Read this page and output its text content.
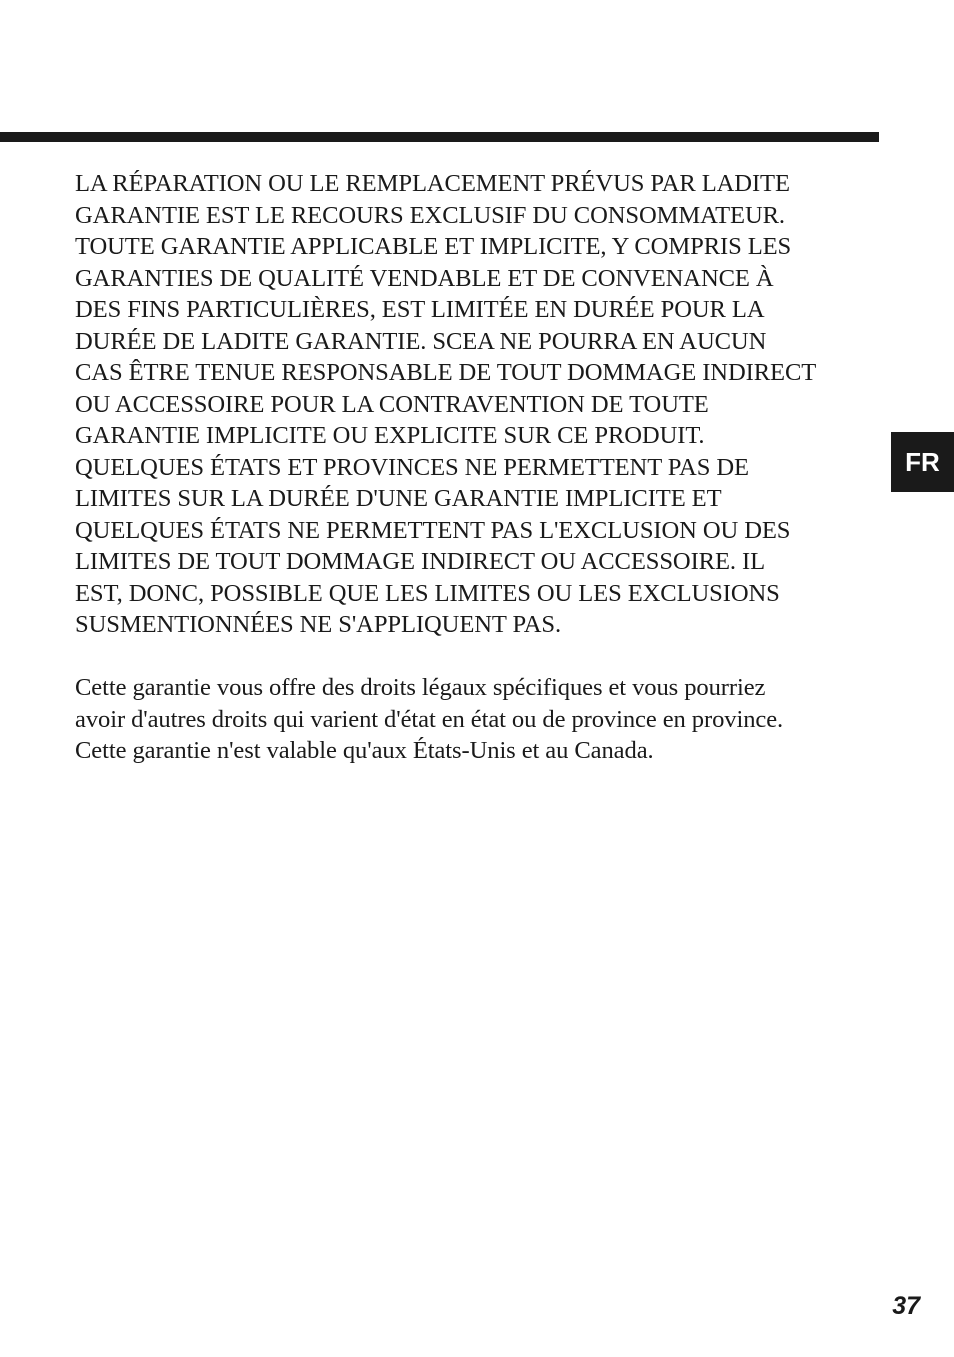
LA RÉPARATION OU LE REMPLACEMENT PRÉVUS PAR LADITE
GARANTIE EST LE RECOURS EXCLUSIF DU CONSOMMATEUR.
TOUTE GARANTIE APPLICABLE ET IMPLICITE, Y COMPRIS LES
GARANTIES DE QUALITÉ VENDABLE ET DE CONVENANCE À
DES FINS PARTICULIÈRES, EST LIMITÉE EN DURÉE POUR LA
DURÉE DE LADITE GARANTIE. SCEA NE POURRA EN AUCUN
CAS ÊTRE TENUE RESPONSABLE DE TOUT DOMMAGE INDIRECT
OU ACCESSOIRE POUR LA CONTRAVENTION DE TOUTE
GARANTIE IMPLICITE OU EXPLICITE SUR CE PRODUIT.
QUELQUES ÉTATS ET PROVINCES NE PERMETTENT PAS DE
LIMITES SUR LA DURÉE D'UNE GARANTIE IMPLICITE ET
QUELQUES ÉTATS NE PERMETTENT PAS L'EXCLUSION OU DES
LIMITES DE TOUT DOMMAGE INDIRECT OU ACCESSOIRE. IL
EST, DONC, POSSIBLE QUE LES LIMITES OU LES EXCLUSIONS
SUSMENTIONNÉES NE S'APPLIQUENT PAS.

Cette garantie vous offre des droits légaux spécifiques et vous pourriez
avoir d'autres droits qui varient d'état en état ou de province en province.
Cette garantie n'est valable qu'aux États-Unis et au Canada.

FR
37
